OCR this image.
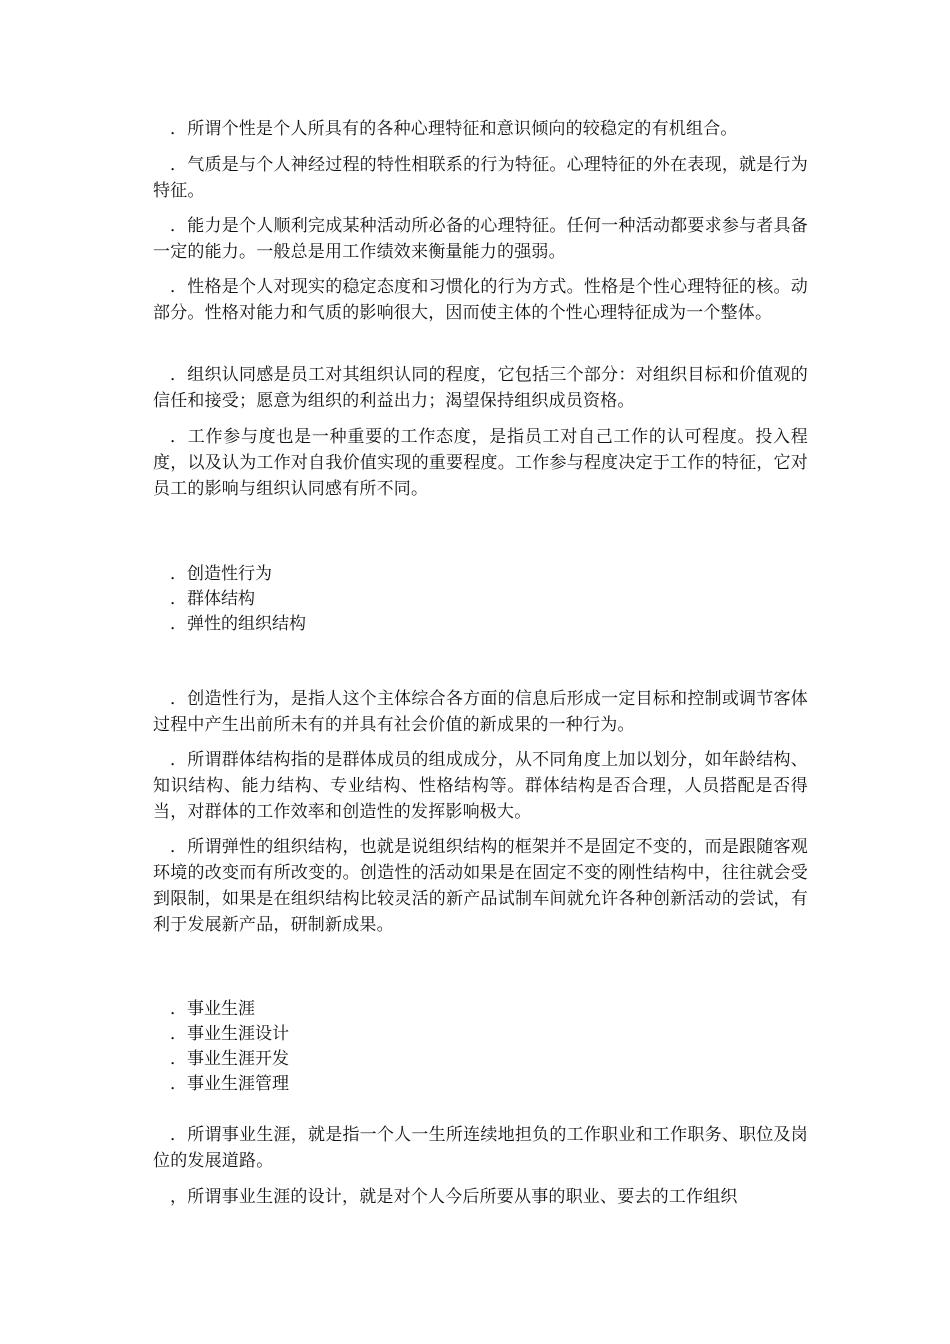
．所谓个性是个人所具有的各种心理特征和意识倾向的较稳定的有机组合。

．气质是与个人神经过程的特性相联系的行为特征。心理特征的外在表现，就是行为特征。

．能力是个人顺利完成某种活动所必备的心理特征。任何一种活动都要求参与者具备一定的能力。一般总是用工作绩效来衡量能力的强弱。

．性格是个人对现实的稳定态度和习惯化的行为方式。性格是个性心理特征的核。动部分。性格对能力和气质的影响很大，因而使主体的个性心理特征成为一个整体。

．组织认同感是员工对其组织认同的程度，它包括三个部分：对组织目标和价值观的信任和接受；愿意为组织的利益出力；渴望保持组织成员资格。

．工作参与度也是一种重要的工作态度，是指员工对自己工作的认可程度。投入程度，以及认为工作对自我价值实现的重要程度。工作参与程度决定于工作的特征，它对员工的影响与组织认同感有所不同。

．创造性行为
．群体结构
．弹性的组织结构

．创造性行为，是指人这个主体综合各方面的信息后形成一定目标和控制或调节客体过程中产生出前所未有的并具有社会价值的新成果的一种行为。

．所谓群体结构指的是群体成员的组成成分，从不同角度上加以划分，如年龄结构、知识结构、能力结构、专业结构、性格结构等。群体结构是否合理，人员搭配是否得当，对群体的工作效率和创造性的发挥影响极大。

．所谓弹性的组织结构，也就是说组织结构的框架并不是固定不变的，而是跟随客观环境的改变而有所改变的。创造性的活动如果是在固定不变的刚性结构中，往往就会受到限制，如果是在组织结构比较灵活的新产品试制车间就允许各种创新活动的尝试，有利于发展新产品，研制新成果。

．事业生涯
．事业生涯设计
．事业生涯开发
．事业生涯管理

．所谓事业生涯，就是指一个人一生所连续地担负的工作职业和工作职务、职位及岗位的发展道路。

，所谓事业生涯的设计，就是对个人今后所要从事的职业、要去的工作组织
